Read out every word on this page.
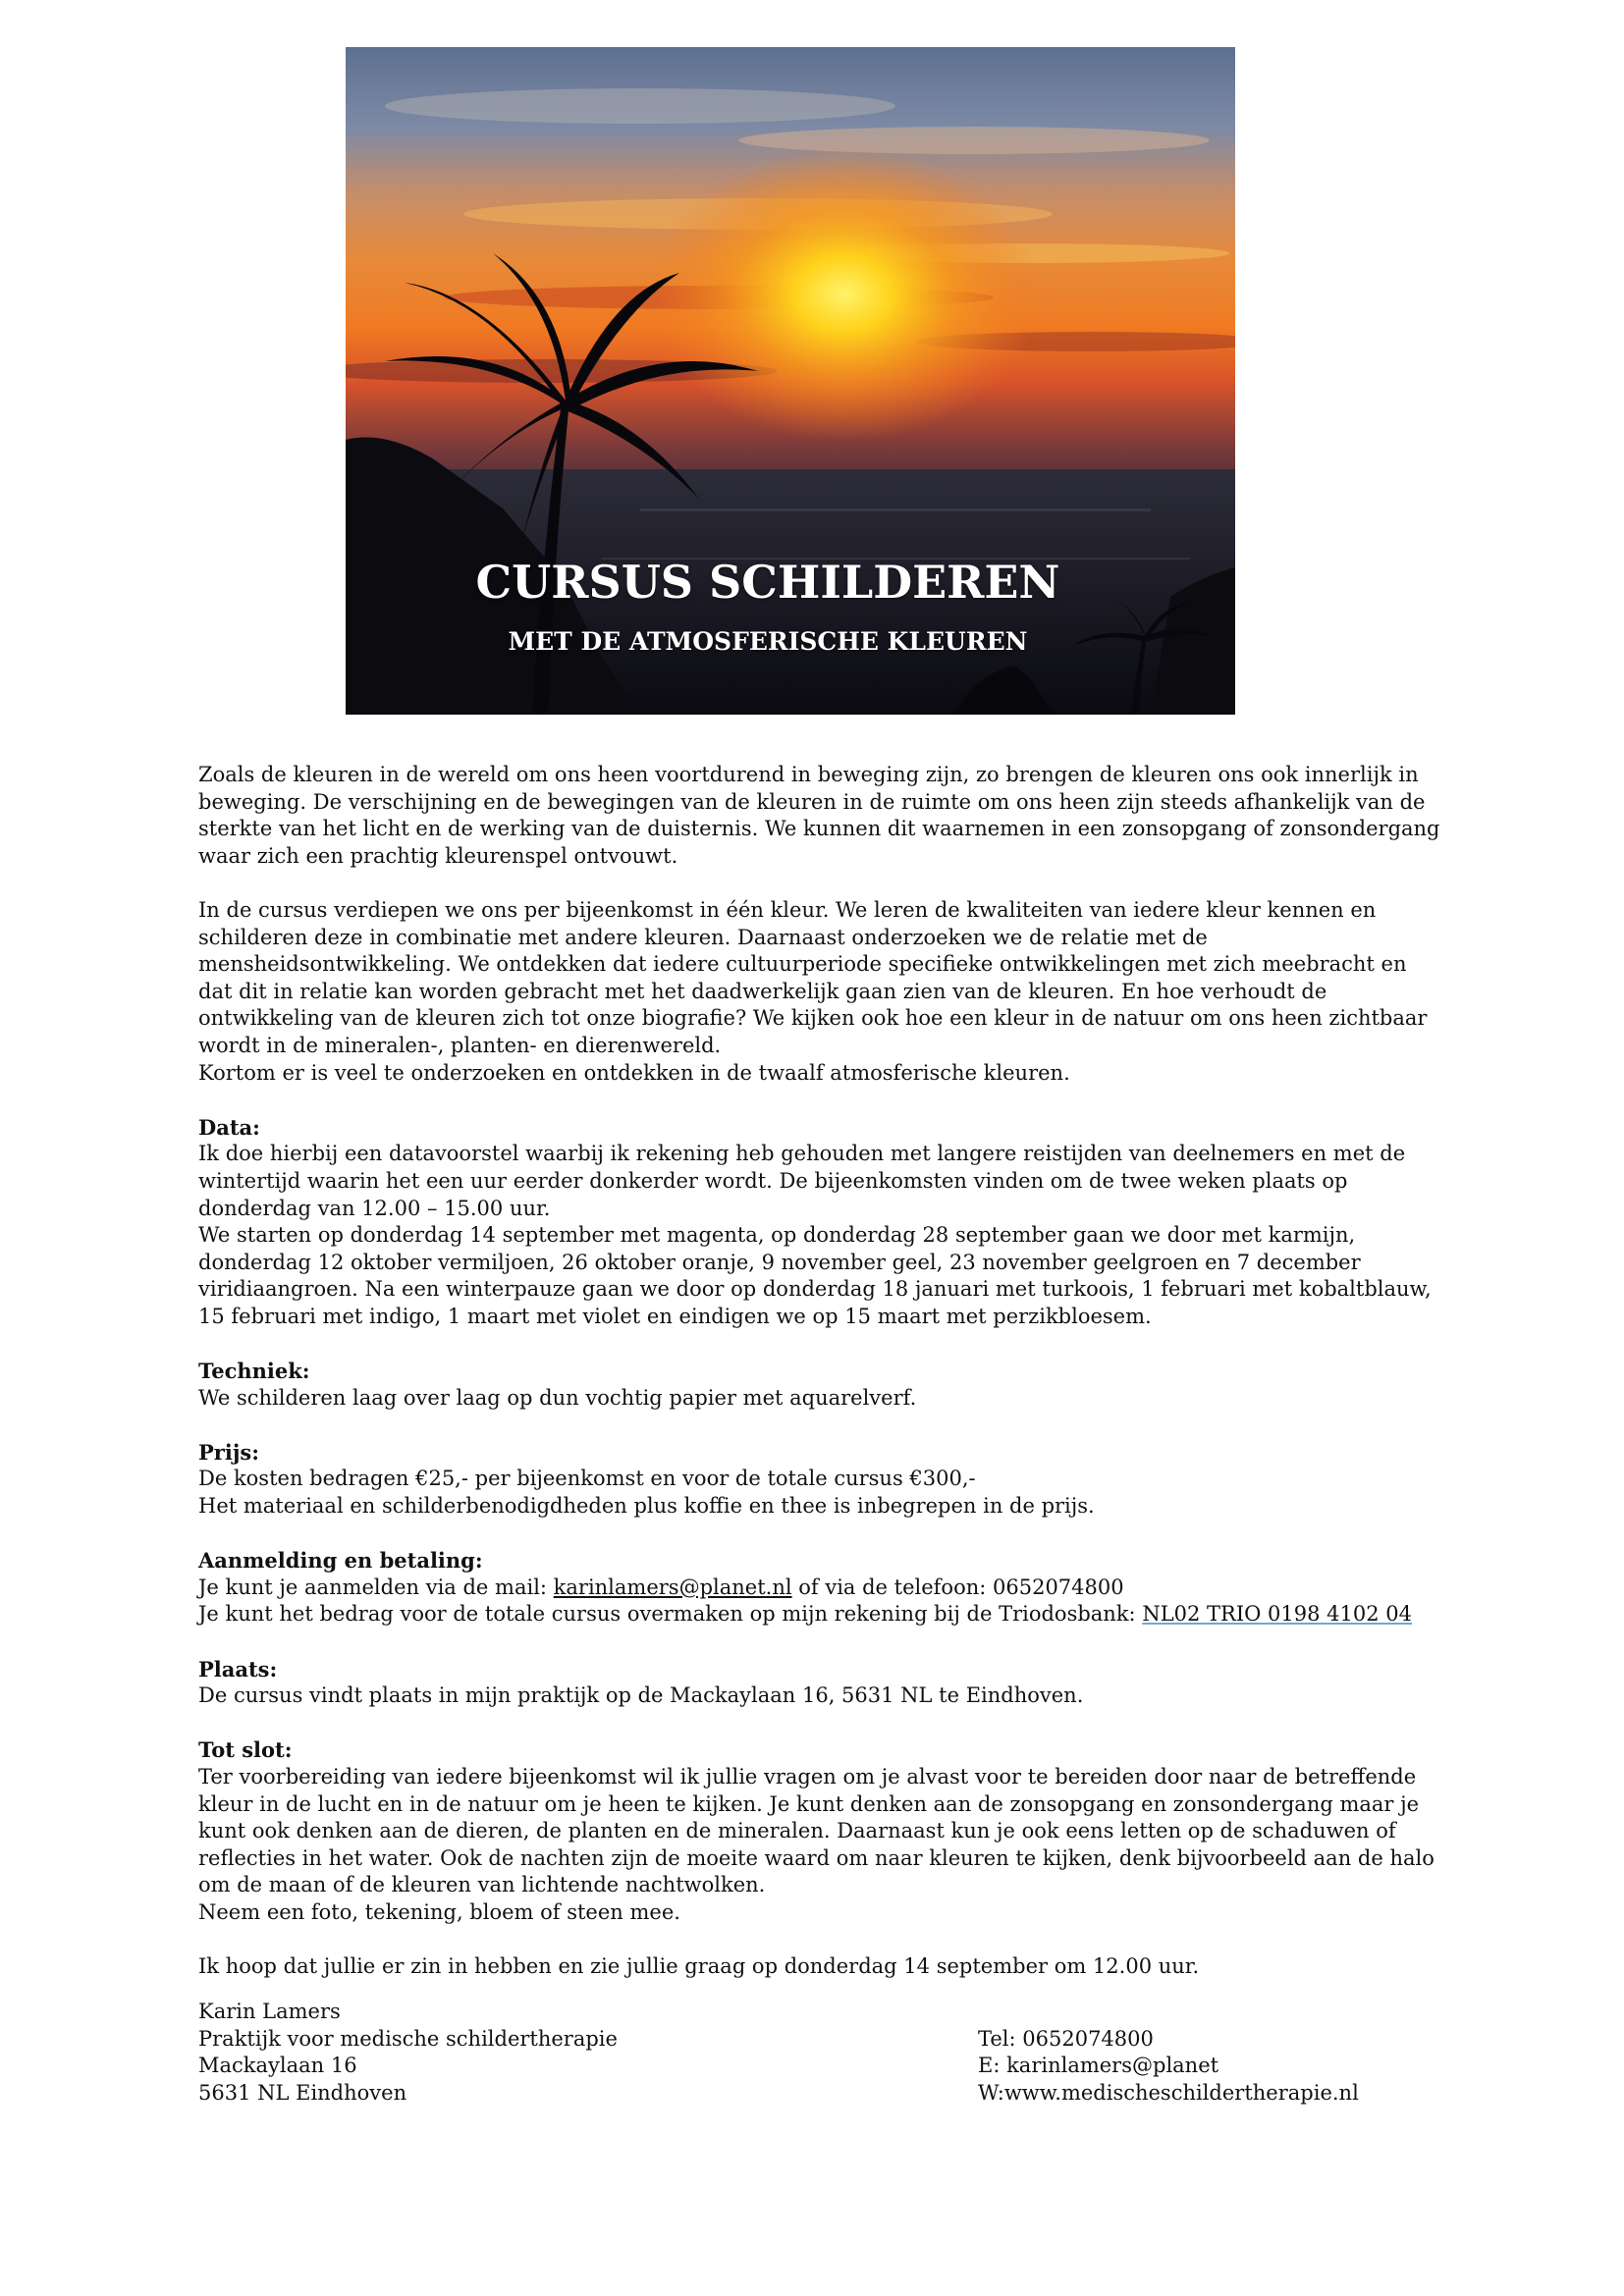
CURSUS SCHILDEREN
MET DE ATMOSFERISCHE KLEUREN

Zoals de kleuren in de wereld om ons heen voortdurend in beweging zijn, zo brengen de kleuren ons ook innerlijk in beweging. De verschijning en de bewegingen van de kleuren in de ruimte om ons heen zijn steeds afhankelijk van de sterkte van het licht en de werking van de duisternis. We kunnen dit waarnemen in een zonsopgang of zonsondergang waar zich een prachtig kleurenspel ontvouwt.

In de cursus verdiepen we ons per bijeenkomst in één kleur. We leren de kwaliteiten van iedere kleur kennen en schilderen deze in combinatie met andere kleuren. Daarnaast onderzoeken we de relatie met de mensheidsontwikkeling. We ontdekken dat iedere cultuurperiode specifieke ontwikkelingen met zich meebracht en dat dit in relatie kan worden gebracht met het daadwerkelijk gaan zien van de kleuren. En hoe verhoudt de ontwikkeling van de kleuren zich tot onze biografie? We kijken ook hoe een kleur in de natuur om ons heen zichtbaar wordt in de mineralen-, planten- en dierenwereld.

Kortom er is veel te onderzoeken en ontdekken in de twaalf atmosferische kleuren.

Data:

Ik doe hierbij een datavoorstel waarbij ik rekening heb gehouden met langere reistijden van deelnemers en met de wintertijd waarin het een uur eerder donkerder wordt. De bijeenkomsten vinden om de twee weken plaats op donderdag van 12.00 – 15.00 uur.

We starten op donderdag 14 september met magenta, op donderdag 28 september gaan we door met karmijn, donderdag 12 oktober vermiljoen, 26 oktober oranje, 9 november geel, 23 november geelgroen en 7 december viridiaangroen. Na een winterpauze gaan we door op donderdag 18 januari met turkoois, 1 februari met kobaltblauw, 15 februari met indigo, 1 maart met violet en eindigen we op 15 maart met perzikbloesem.

Techniek:

We schilderen laag over laag op dun vochtig papier met aquarelverf.

Prijs:

De kosten bedragen €25,- per bijeenkomst en voor de totale cursus €300,-

Het materiaal en schilderbenodigdheden plus koffie en thee is inbegrepen in de prijs.

Aanmelding en betaling:

Je kunt je aanmelden via de mail: karinlamers@planet.nl of via de telefoon: 0652074800

Je kunt het bedrag voor de totale cursus overmaken op mijn rekening bij de Triodosbank: NL02 TRIO 0198 4102 04

Plaats:

De cursus vindt plaats in mijn praktijk op de Mackaylaan 16, 5631 NL te Eindhoven.

Tot slot:

Ter voorbereiding van iedere bijeenkomst wil ik jullie vragen om je alvast voor te bereiden door naar de betreffende kleur in de lucht en in de natuur om je heen te kijken. Je kunt denken aan de zonsopgang en zonsondergang maar je kunt ook denken aan de dieren, de planten en de mineralen. Daarnaast kun je ook eens letten op de schaduwen of reflecties in het water. Ook de nachten zijn de moeite waard om naar kleuren te kijken, denk bijvoorbeeld aan de halo om de maan of de kleuren van lichtende nachtwolken.

Neem een foto, tekening, bloem of steen mee.

Ik hoop dat jullie er zin in hebben en zie jullie graag op donderdag 14 september om 12.00 uur.

Karin Lamers

Praktijk voor medische schildertherapie

Mackaylaan 16

5631 NL Eindhoven

Tel: 0652074800

E: karinlamers@planet

W:www.medischeschildertherapie.nl
